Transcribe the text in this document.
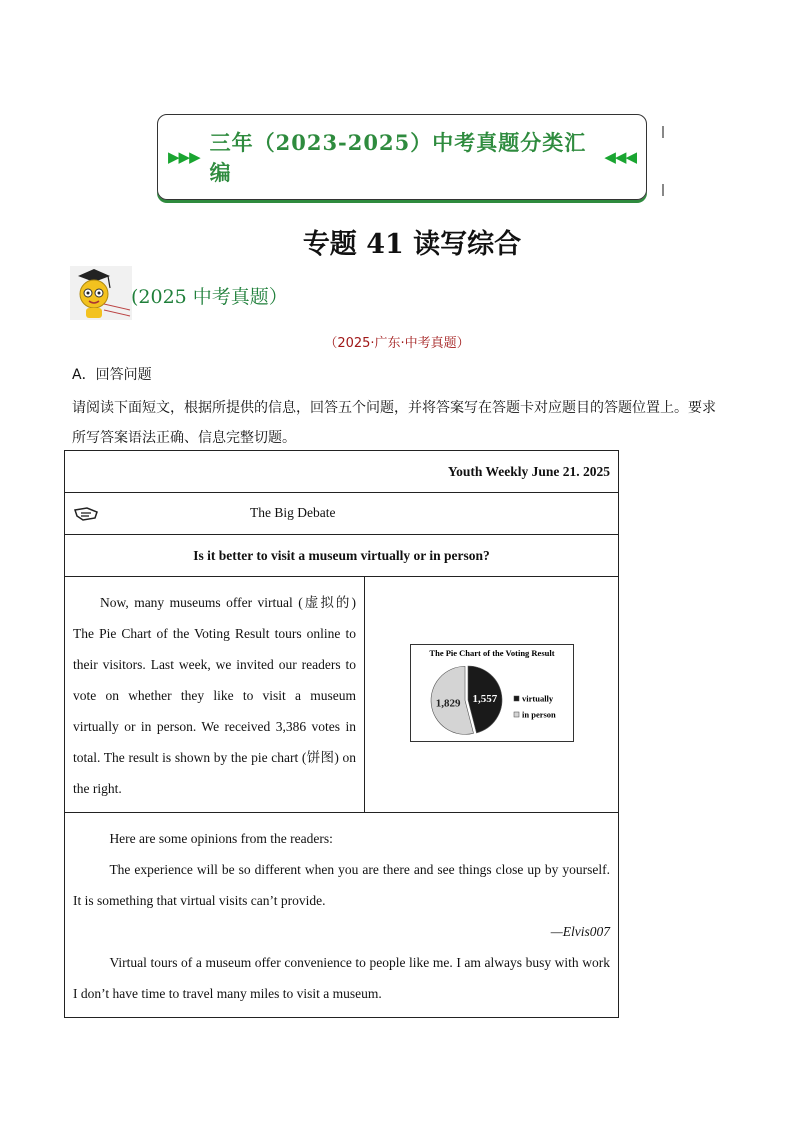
▶▶▶
三年（2023-2025）中考真题分类汇编
◀◀◀
专题 41 读写综合
(2025 中考真题）
（2025·广东·中考真题）
A．回答问题
请阅读下面短文，根据所提供的信息，回答五个问题，并将答案写在答题卡对应题目的答题位置上。要求所写答案语法正确、信息完整切题。
Youth Weekly June 21. 2025

The Big Debate

Is it better to visit a museum virtually or in person?
Now, many museums offer virtual (虚拟的) The Pie Chart of the Voting Result tours online to their visitors. Last week, we invited our readers to vote on whether they like to visit a museum virtually or in person. We received 3,386 votes in total. The result is shown by the pie chart (饼图) on the right.	
The Pie Chart of the Voting Result
1,557
1,829	virtually
in person

Here are some opinions from the readers:

The experience will be so different when you are there and see things close up by yourself. It is something that virtual visits can’t provide.

—Elvis007

Virtual tours of a museum offer convenience to people like me. I am always busy with work I don’t have time to travel many miles to visit a museum.
